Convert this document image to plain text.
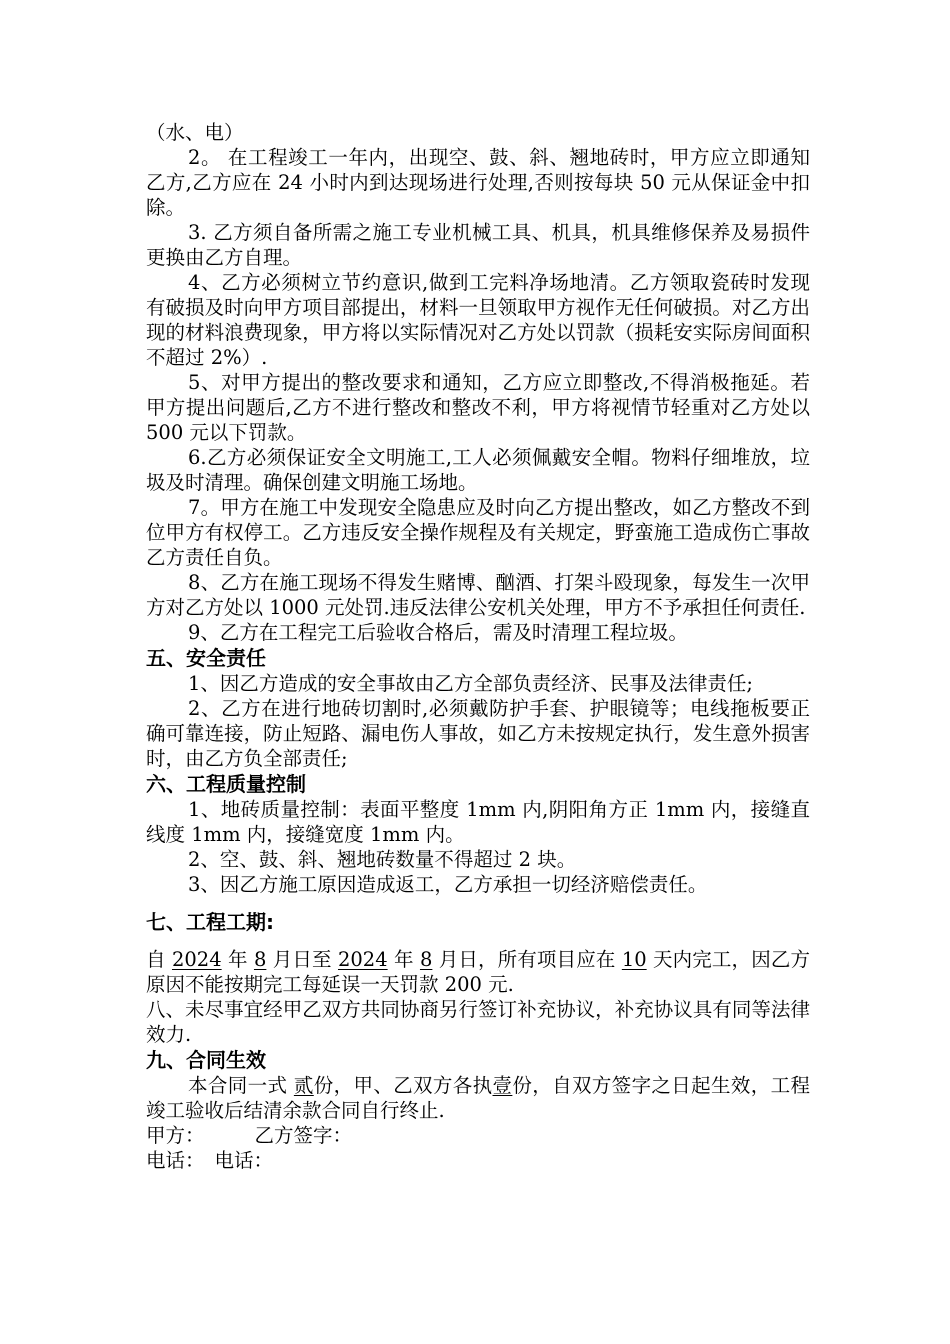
（水、电）

2。 在工程竣工一年内，出现空、鼓、斜、翘地砖时，甲方应立即通知乙方,乙方应在 24 小时内到达现场进行处理,否则按每块 50 元从保证金中扣除。

3. 乙方须自备所需之施工专业机械工具、机具，机具维修保养及易损件更换由乙方自理。

4、乙方必须树立节约意识,做到工完料净场地清。乙方领取瓷砖时发现有破损及时向甲方项目部提出，材料一旦领取甲方视作无任何破损。对乙方出现的材料浪费现象，甲方将以实际情况对乙方处以罚款（损耗安实际房间面积不超过 2%）.

5、对甲方提出的整改要求和通知，乙方应立即整改,不得消极拖延。若甲方提出问题后,乙方不进行整改和整改不利，甲方将视情节轻重对乙方处以 500 元以下罚款。

6.乙方必须保证安全文明施工,工人必须佩戴安全帽。物料仔细堆放，垃圾及时清理。确保创建文明施工场地。

7。甲方在施工中发现安全隐患应及时向乙方提出整改，如乙方整改不到位甲方有权停工。乙方违反安全操作规程及有关规定，野蛮施工造成伤亡事故乙方责任自负。

8、乙方在施工现场不得发生赌博、酗酒、打架斗殴现象，每发生一次甲方对乙方处以 1000 元处罚.违反法律公安机关处理，甲方不予承担任何责任.

9、乙方在工程完工后验收合格后，需及时清理工程垃圾。

五、安全责任

1、因乙方造成的安全事故由乙方全部负责经济、民事及法律责任;

2、乙方在进行地砖切割时,必须戴防护手套、护眼镜等；电线拖板要正确可靠连接，防止短路、漏电伤人事故，如乙方未按规定执行，发生意外损害时，由乙方负全部责任;

六、工程质量控制

1、地砖质量控制：表面平整度 1mm 内,阴阳角方正 1mm 内，接缝直线度 1mm 内，接缝宽度 1mm 内。

2、空、鼓、斜、翘地砖数量不得超过 2 块。

3、因乙方施工原因造成返工，乙方承担一切经济赔偿责任。

七、工程工期:

自 2024 年 8 月日至 2024 年 8 月日，所有项目应在 10 天内完工，因乙方原因不能按期完工每延误一天罚款 200 元.

八、未尽事宜经甲乙双方共同协商另行签订补充协议，补充协议具有同等法律效力.

九、合同生效

本合同一式 贰份，甲、乙双方各执壹份，自双方签字之日起生效，工程竣工验收后结清余款合同自行终止.

甲方：	乙方签字：

电话： 电话：
